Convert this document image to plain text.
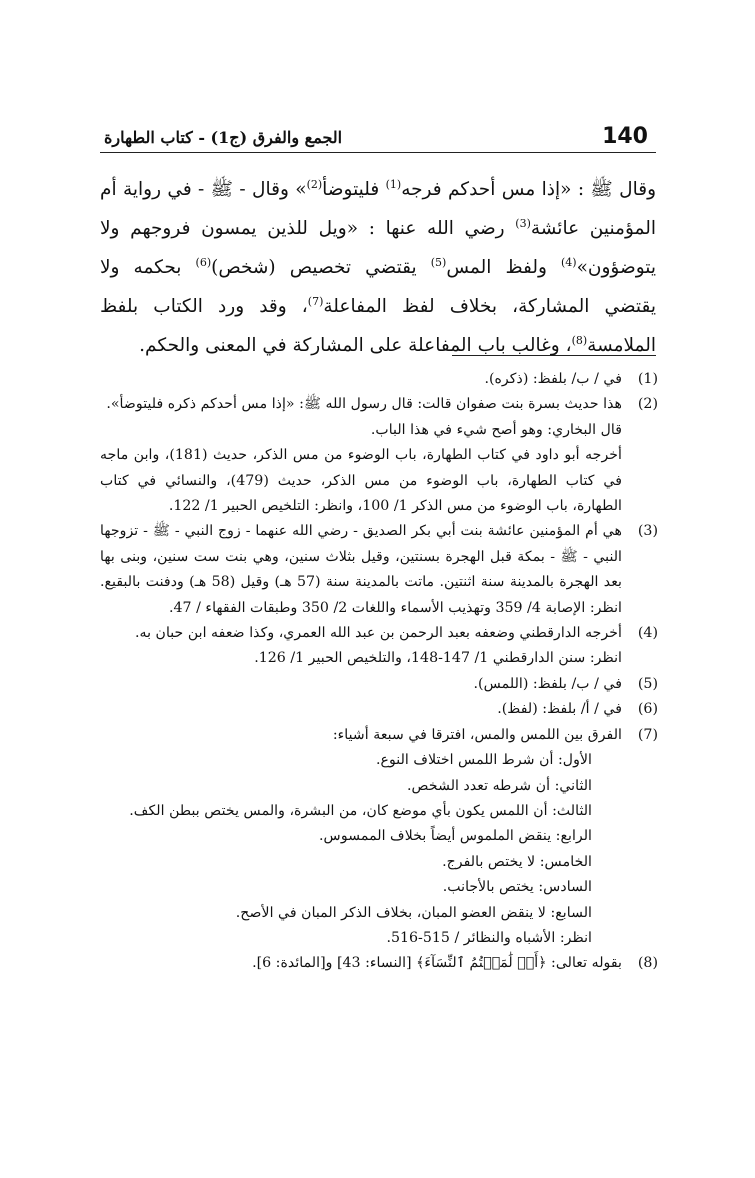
140
الجمع والفرق (ج1) - كتاب الطهارة

وقال ﷺ : «إذا مس أحدكم فرجه$^{(1)}$ فليتوضأ$^{(2)}$» وقال - ﷺ - في رواية أم المؤمنين عائشة$^{(3)}$ رضي الله عنها : «ويل للذين يمسون فروجهم ولا يتوضؤون»$^{(4)}$ ولفظ المس$^{(5)}$ يقتضي تخصيص (شخص)$^{(6)}$ بحكمه ولا يقتضي المشاركة، بخلاف لفظ المفاعلة$^{(7)}$، وقد ورد الكتاب بلفظ الملامسة$^{(8)}$، وغالب باب المفاعلة على المشاركة في المعنى والحكم.

(1)
في / ب/ بلفظ: (ذكره).
(2)
هذا حديث بسرة بنت صفوان قالت: قال رسول الله ﷺ: «إذا مس أحدكم ذكره فليتوضأ».
قال البخاري: وهو أصح شيء في هذا الباب.
أخرجه أبو داود في كتاب الطهارة، باب الوضوء من مس الذكر، حديث (181)، وابن ماجه في كتاب الطهارة، باب الوضوء من مس الذكر، حديث (479)، والنسائي في كتاب الطهارة، باب الوضوء من مس الذكر 1/ 100، وانظر: التلخيص الحبير 1/ 122.
(3)
هي أم المؤمنين عائشة بنت أبي بكر الصديق - رضي الله عنهما - زوج النبي - ﷺ - تزوجها النبي - ﷺ - بمكة قبل الهجرة بسنتين، وقيل بثلاث سنين، وهي بنت ست سنين، وبنى بها بعد الهجرة بالمدينة سنة اثنتين. ماتت بالمدينة سنة (57 هـ) وقيل (58 هـ) ودفنت بالبقيع. انظر: الإصابة 4/ 359 وتهذيب الأسماء واللغات 2/ 350 وطبقات الفقهاء / 47.
(4)
أخرجه الدارقطني وضعفه بعبد الرحمن بن عبد الله العمري، وكذا ضعفه ابن حبان به.
انظر: سنن الدارقطني 1/ 147-148، والتلخيص الحبير 1/ 126.
(5)
في / ب/ بلفظ: (اللمس).
(6)
في / أ/ بلفظ: (لفظ).
(7)
الفرق بين اللمس والمس، افترقا في سبعة أشياء:
الأول: أن شرط اللمس اختلاف النوع.
الثاني: أن شرطه تعدد الشخص.
الثالث: أن اللمس يكون بأي موضع كان، من البشرة، والمس يختص ببطن الكف.
الرابع: ينقض الملموس أيضاً بخلاف الممسوس.
الخامس: لا يختص بالفرج.
السادس: يختص بالأجانب.
السابع: لا ينقض العضو المبان، بخلاف الذكر المبان في الأصح.
انظر: الأشباه والنظائر / 515-516.
(8)
بقوله تعالى: ﴿أَوۡ لَٰمَسۡتُمُ ٱلنِّسَآءَ﴾ [النساء: 43] و[المائدة: 6].
